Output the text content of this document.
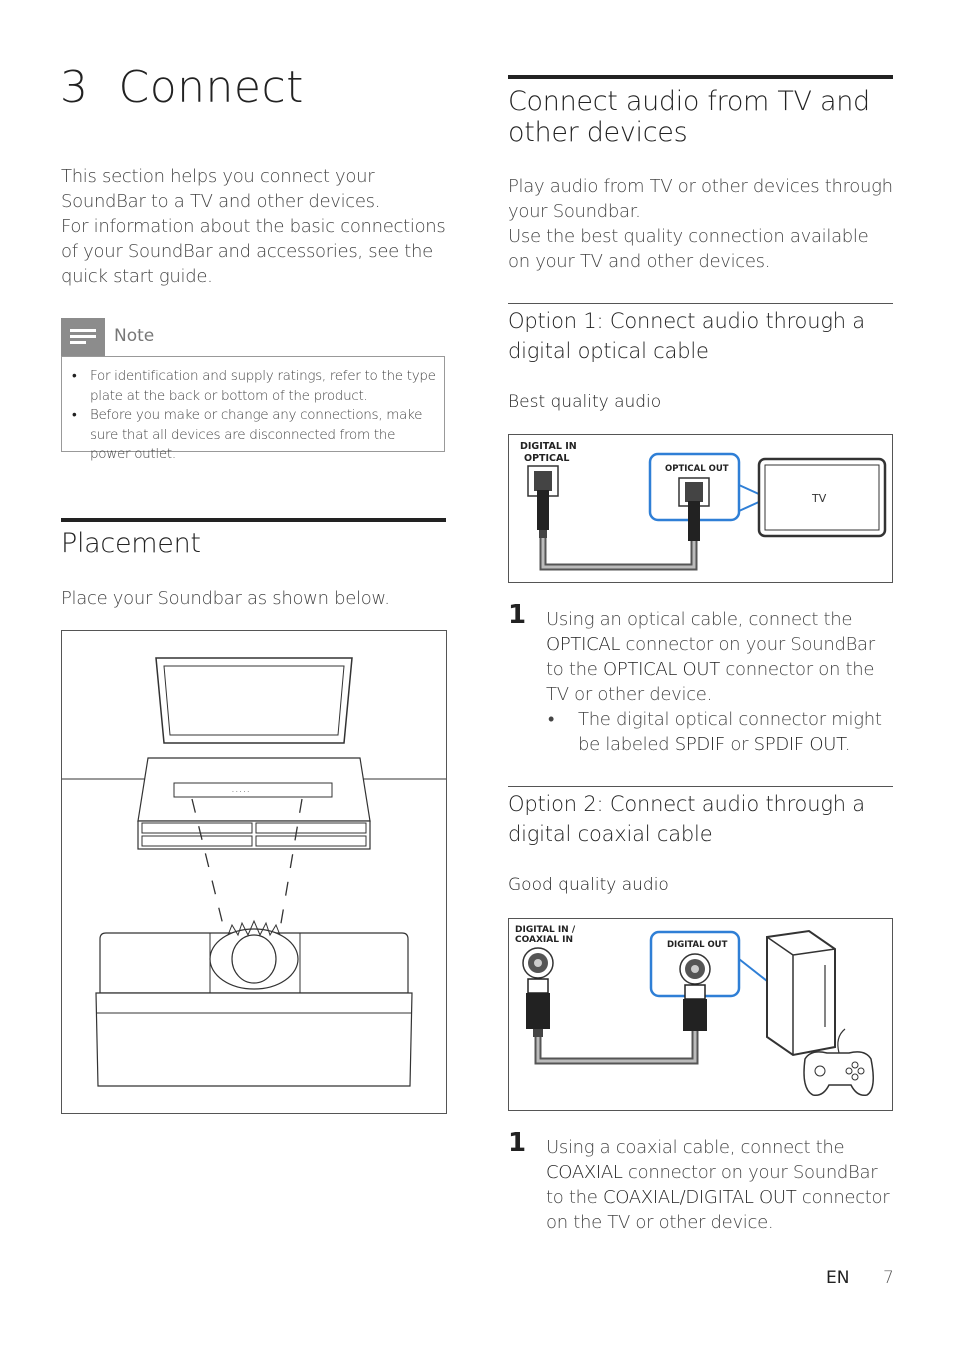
3 Connect
This section helps you connect your SoundBar to a TV and other devices.
For information about the basic connections of your SoundBar and accessories, see the quick start guide.
Note
• For identification and supply ratings, refer to the type plate at the back or bottom of the product.
• Before you make or change any connections, make sure that all devices are disconnected from the power outlet.
Placement
Place your Soundbar as shown below.
· · · · ·
Connect audio from TV and other devices
Play audio from TV or other devices through your Soundbar.
Use the best quality connection available on your TV and other devices.
Option 1: Connect audio through a digital optical cable
Best quality audio
DIGITAL IN
OPTICAL
OPTICAL OUT
TV
1 Using an optical cable, connect the OPTICAL connector on your SoundBar to the OPTICAL OUT connector on the TV or other device.
• The digital optical connector might be labeled SPDIF or SPDIF OUT.
Option 2: Connect audio through a digital coaxial cable
Good quality audio
DIGITAL IN /
COAXIAL IN	DIGITAL OUT
1 Using a coaxial cable, connect the COAXIAL connector on your SoundBar to the COAXIAL/DIGITAL OUT connector on the TV or other device.
EN 7
